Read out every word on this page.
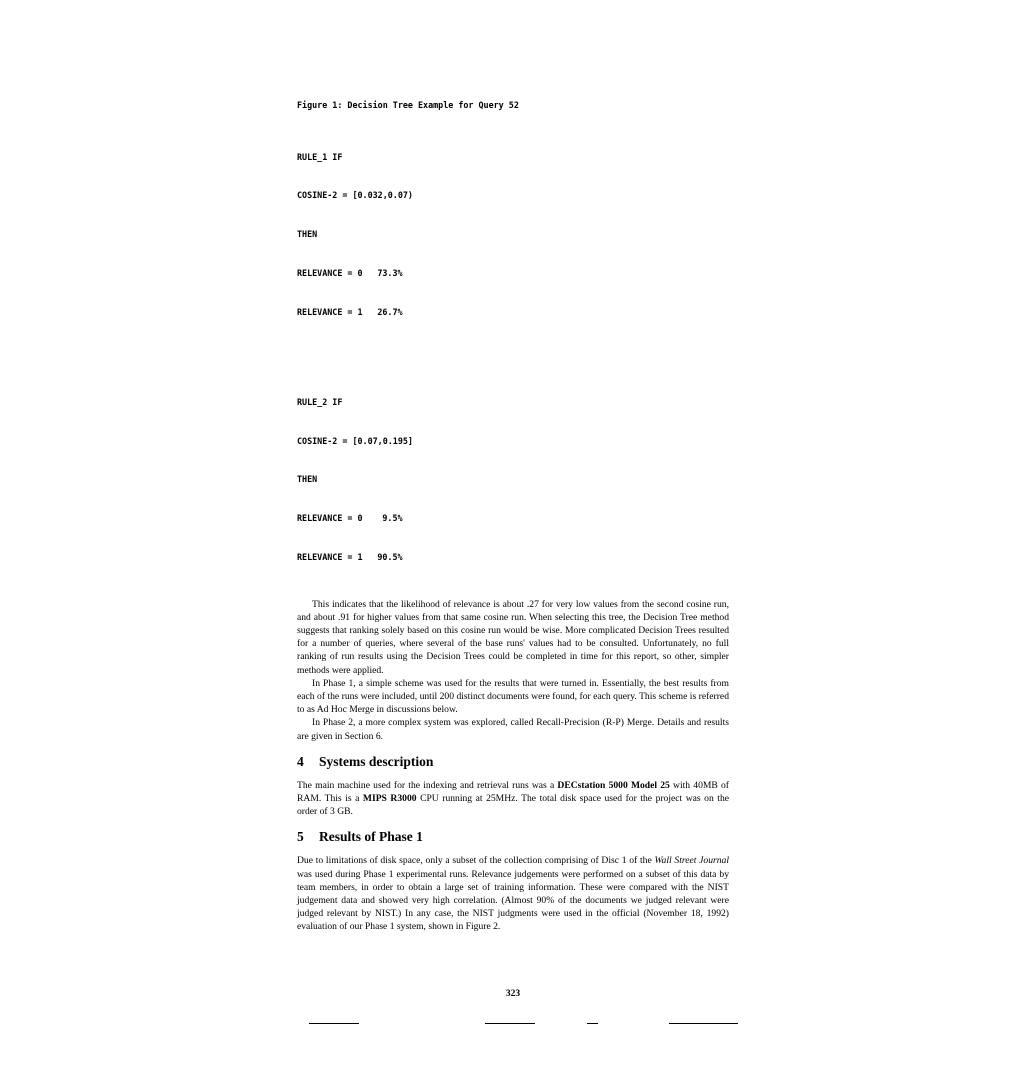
Figure 1: Decision Tree Example for Query 52

RULE_1 IF

COSINE-2 = [0.032,0.07)

THEN

RELEVANCE = 0 73.3%

RELEVANCE = 1 26.7%

RULE_2 IF

COSINE-2 = [0.07,0.195]

THEN

RELEVANCE = 0 9.5%

RELEVANCE = 1 90.5%

This indicates that the likelihood of relevance is about .27 for very low values from the second cosine run, and about .91 for higher values from that same cosine run. When selecting this tree, the Decision Tree method suggests that ranking solely based on this cosine run would be wise. More complicated Decision Trees resulted for a number of queries, where several of the base runs' values had to be consulted. Unfortunately, no full ranking of run results using the Decision Trees could be completed in time for this report, so other, simpler methods were applied.

In Phase 1, a simple scheme was used for the results that were turned in. Essentially, the best results from each of the runs were included, until 200 distinct documents were found, for each query. This scheme is referred to as Ad Hoc Merge in discussions below.

In Phase 2, a more complex system was explored, called Recall-Precision (R-P) Merge. Details and results are given in Section 6.

4 Systems description

The main machine used for the indexing and retrieval runs was a DECstation 5000 Model 25 with 40MB of RAM. This is a MIPS R3000 CPU running at 25MHz. The total disk space used for the project was on the order of 3 GB.

5 Results of Phase 1

Due to limitations of disk space, only a subset of the collection comprising of Disc 1 of the Wall Street Journal was used during Phase 1 experimental runs. Relevance judgements were performed on a subset of this data by team members, in order to obtain a large set of training information. These were compared with the NIST judgement data and showed very high correlation. (Almost 90% of the documents we judged relevant were judged relevant by NIST.) In any case, the NIST judgments were used in the official (November 18, 1992) evaluation of our Phase 1 system, shown in Figure 2.

323
